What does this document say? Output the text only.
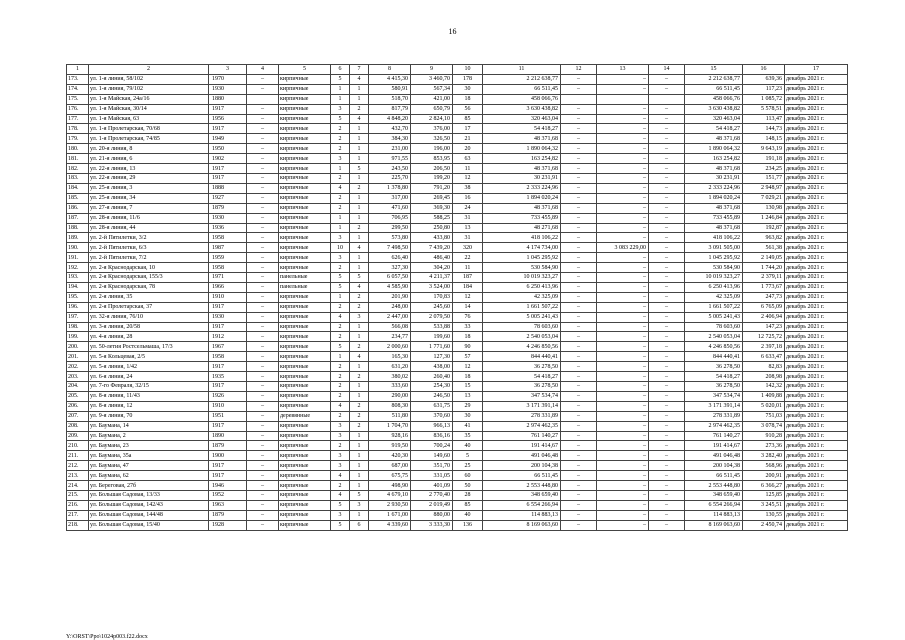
16
1	2	3	4	5	6	7	8	9	10	11	12	13	14	15	16	17
173.	ул. 1-я линия, 58/102	1970	–	кирпичные	5	4	4 415,30	3 460,70	178	2 212 638,77	–	–	–	2 212 638,77	639,36	декабрь 2021 г.
174.	ул. 1-я линия, 79/102	1930	–	кирпичные	1	1	580,91	567,34	30	66 511,45	–	–	–	66 511,45	117,23	декабрь 2021 г.
175.	ул. 1-я Майская, 24а/16	1880		кирпичные	1	1	518,70	421,00	18	458 066,76				458 066,76	1 085,72	декабрь 2021 г.
176.	ул. 1-я Майская, 30/14	1917	–	кирпичные	3	2	817,79	650,79	56	3 630 438,82	–	–	–	3 630 438,82	5 578,51	декабрь 2021 г.
177.	ул. 1-я Майская, 63	1956	–	кирпичные	5	4	4 848,20	2 824,10	85	320 463,04	–	–	–	320 463,04	113,47	декабрь 2021 г.
178.	ул. 1-я Пролетарская, 70/68	1917	–	кирпичные	2	1	432,70	376,00	17	54 418,27	–	–	–	54 418,27	144,73	декабрь 2021 г.
179.	ул. 1-я Пролетарская, 74/85	1949	–	кирпичные	2	1	384,30	326,50	21	48 371,68	–	–	–	48 371,68	148,15	декабрь 2021 г.
180.	ул. 20-я линия, 8	1950	–	кирпичные	2	1	231,00	196,00	20	1 890 064,32	–	–	–	1 890 064,32	9 643,19	декабрь 2021 г.
181.	ул. 21-я линия, 6	1902	–	кирпичные	3	1	971,55	853,95	63	163 254,82	–	–	–	163 254,82	191,18	декабрь 2021 г.
182.	ул. 22-я линия, 13	1917	–	кирпичные	1	5	243,50	206,50	11	48 371,68	–	–	–	48 371,68	234,25	декабрь 2021 г.
183.	ул. 22-я линия, 29	1917	–	кирпичные	2	1	225,70	199,20	12	30 231,91	–	–	–	30 231,91	151,77	декабрь 2021 г.
184.	ул. 25-я линия, 3	1888	–	кирпичные	4	2	1 378,80	791,20	38	2 333 224,96	–	–	–	2 333 224,96	2 948,97	декабрь 2021 г.
185.	ул. 25-я линия, 34	1927	–	кирпичные	2	1	317,00	269,45	16	1 894 020,24	–	–	–	1 894 020,24	7 029,21	декабрь 2021 г.
186.	ул. 27-я линия, 7	1879	–	кирпичные	2	1	471,60	369,30	24	48 371,68	–	–	–	48 371,68	130,98	декабрь 2021 г.
187.	ул. 28-я линия, 11/6	1930	–	кирпичные	1	1	706,95	588,25	31	733 455,89	–	–	–	733 455,89	1 246,84	декабрь 2021 г.
188.	ул. 28-я линия, 44	1936	–	кирпичные	1	2	299,50	250,80	13	48 271,68	–	–	–	48 371,68	192,87	декабрь 2021 г.
189.	ул. 2-й Пятилетки, 3/2	1958	–	кирпичные	3	1	573,80	433,80	31	418 106,22	–	–	–	418 106,22	963,82	декабрь 2021 г.
190.	ул. 2-й Пятилетки, 6/3	1987	–	кирпичные	10	4	7 498,50	7 439,20	320	4 174 734,00	–	3 083 229,00	–	3 091 505,00	561,38	декабрь 2021 г.
191.	ул. 2-й Пятилетки, 7/2	1959	–	кирпичные	3	1	626,40	486,40	22	1 045 295,92	–	–	–	1 045 295,92	2 149,05	декабрь 2021 г.
192.	ул. 2-я Краснодарская, 10	1958	–	кирпичные	2	1	327,30	304,20	11	530 584,90	–	–	–	530 584,90	1 744,20	декабрь 2021 г.
193.	ул. 2-я Краснодарская, 155/3	1971	–	панельные	5	5	6 057,50	4 211,37	187	10 019 323,27	–	–	–	10 019 323,27	2 379,11	декабрь 2021 г.
194.	ул. 2-я Краснодарская, 78	1966	–	панельные	5	4	4 585,90	3 524,00	184	6 250 413,96	–	–	–	6 250 413,96	1 773,67	декабрь 2021 г.
195.	ул. 2-я линия, 35	1910	–	кирпичные	1	2	201,90	170,83	12	42 325,09	–	–	–	42 325,09	247,73	декабрь 2021 г.
196.	ул. 2-я Пролетарская, 37	1917	–	кирпичные	2	2	248,00	245,60	14	1 661 507,22	–	–	–	1 661 507,22	6 765,09	декабрь 2021 г.
197.	ул. 32-я линия, 76/10	1930	–	кирпичные	4	3	2 447,00	2 079,50	76	5 005 241,43	–	–	–	5 005 241,43	2 406,94	декабрь 2021 г.
198.	ул. 3-я линия, 20/58	1917	–	кирпичные	2	1	566,08	533,88	33	78 603,60	–	–	–	78 603,60	147,23	декабрь 2021 г.
199.	ул. 4-я линия, 28	1912	–	кирпичные	2	1	234,77	199,60	18	2 540 053,04	–	–	–	2 540 053,04	12 725,72	декабрь 2021 г.
200.	ул. 50-летия Ростсельмаша, 17/3	1967	–	кирпичные	5	2	2 000,60	1 771,60	90	4 246 850,56	–	–	–	4 246 850,56	2 397,18	декабрь 2021 г.
201.	ул. 5-я Кольцевая, 2/5	1958	–	кирпичные	1	4	165,30	127,30	57	844 440,41	–	–	–	844 440,41	6 633,47	декабрь 2021 г.
202.	ул. 5-я линия, 1/42	1917	–	кирпичные	2	1	631,20	438,00	12	36 278,50	–	–	–	36 278,50	82,83	декабрь 2021 г.
203.	ул. 6-я линия, 24	1935	–	кирпичные	2	2	380,02	260,40	18	54 418,27	–	–	–	54 418,27	208,98	декабрь 2021 г.
204.	ул. 7-го Февраля, 32/15	1917	–	кирпичные	2	1	333,60	254,30	15	36 278,50	–	–	–	36 278,50	142,32	декабрь 2021 г.
205.	ул. 8-я линия, 11/43	1926	–	кирпичные	2	1	290,00	246,50	13	347 534,74	–	–	–	347 534,74	1 409,88	декабрь 2021 г.
206.	ул. 8-я линия, 12	1910	–	кирпичные	4	2	808,30	631,75	29	3 171 391,14	–	–	–	3 171 391,14	5 020,01	декабрь 2021 г.
207.	ул. 9-я линия, 70	1951	–	деревянные	2	2	511,80	370,60	30	278 331,89	–	–	–	278 331,89	751,03	декабрь 2021 г.
208.	ул. Баумана, 14	1917	–	кирпичные	3	2	1 704,70	966,13	41	2 974 462,35	–	–	–	2 974 462,35	3 078,74	декабрь 2021 г.
209.	ул. Баумана, 2	1890	–	кирпичные	3	1	928,16	836,16	35	761 140,27	–	–	–	761 140,27	910,28	декабрь 2021 г.
210.	ул. Баумана, 23	1879	–	кирпичные	2	1	919,50	700,24	40	191 414,67	–	–	–	191 414,67	273,36	декабрь 2021 г.
211.	ул. Баумана, 35а	1900	–	кирпичные	3	1	420,30	149,60	5	491 046,48	–	–	–	491 046,48	3 282,40	декабрь 2021 г.
212.	ул. Баумана, 47	1917	–	кирпичные	3	1	687,00	351,70	25	200 104,38	–	–	–	200 104,38	568,96	декабрь 2021 г.
213.	ул. Баумана, 62	1917	–	кирпичные	4	1	675,75	331,05	60	66 511,45	–	–	–	66 511,45	200,91	декабрь 2021 г.
214.	ул. Береговая, 27б	1946	–	кирпичные	2	1	498,90	401,09	50	2 553 448,80	–	–	–	2 553 448,80	6 366,27	декабрь 2021 г.
215.	ул. Большая Садовая, 13/33	1952	–	кирпичные	4	5	4 679,10	2 770,40	28	348 659,40	–	–	–	348 659,40	125,85	декабрь 2021 г.
216.	ул. Большая Садовая, 142/43	1963	–	кирпичные	5	3	2 930,50	2 019,49	85	6 554 266,94	–	–	–	6 554 266,94	3 245,51	декабрь 2021 г.
217.	ул. Большая Садовая, 144/48	1879	–	кирпичные	3	1	1 671,00	880,00	40	114 883,13	–	–	–	114 883,13	130,55	декабрь 2021 г.
218.	ул. Большая Садовая, 15/40	1928	–	кирпичные	5	6	4 339,60	3 333,30	136	8 169 063,60	–	–	–	8 169 063,60	2 450,74	декабрь 2021 г.
Y:\ORST\Ppo\1024p003.f22.docx
